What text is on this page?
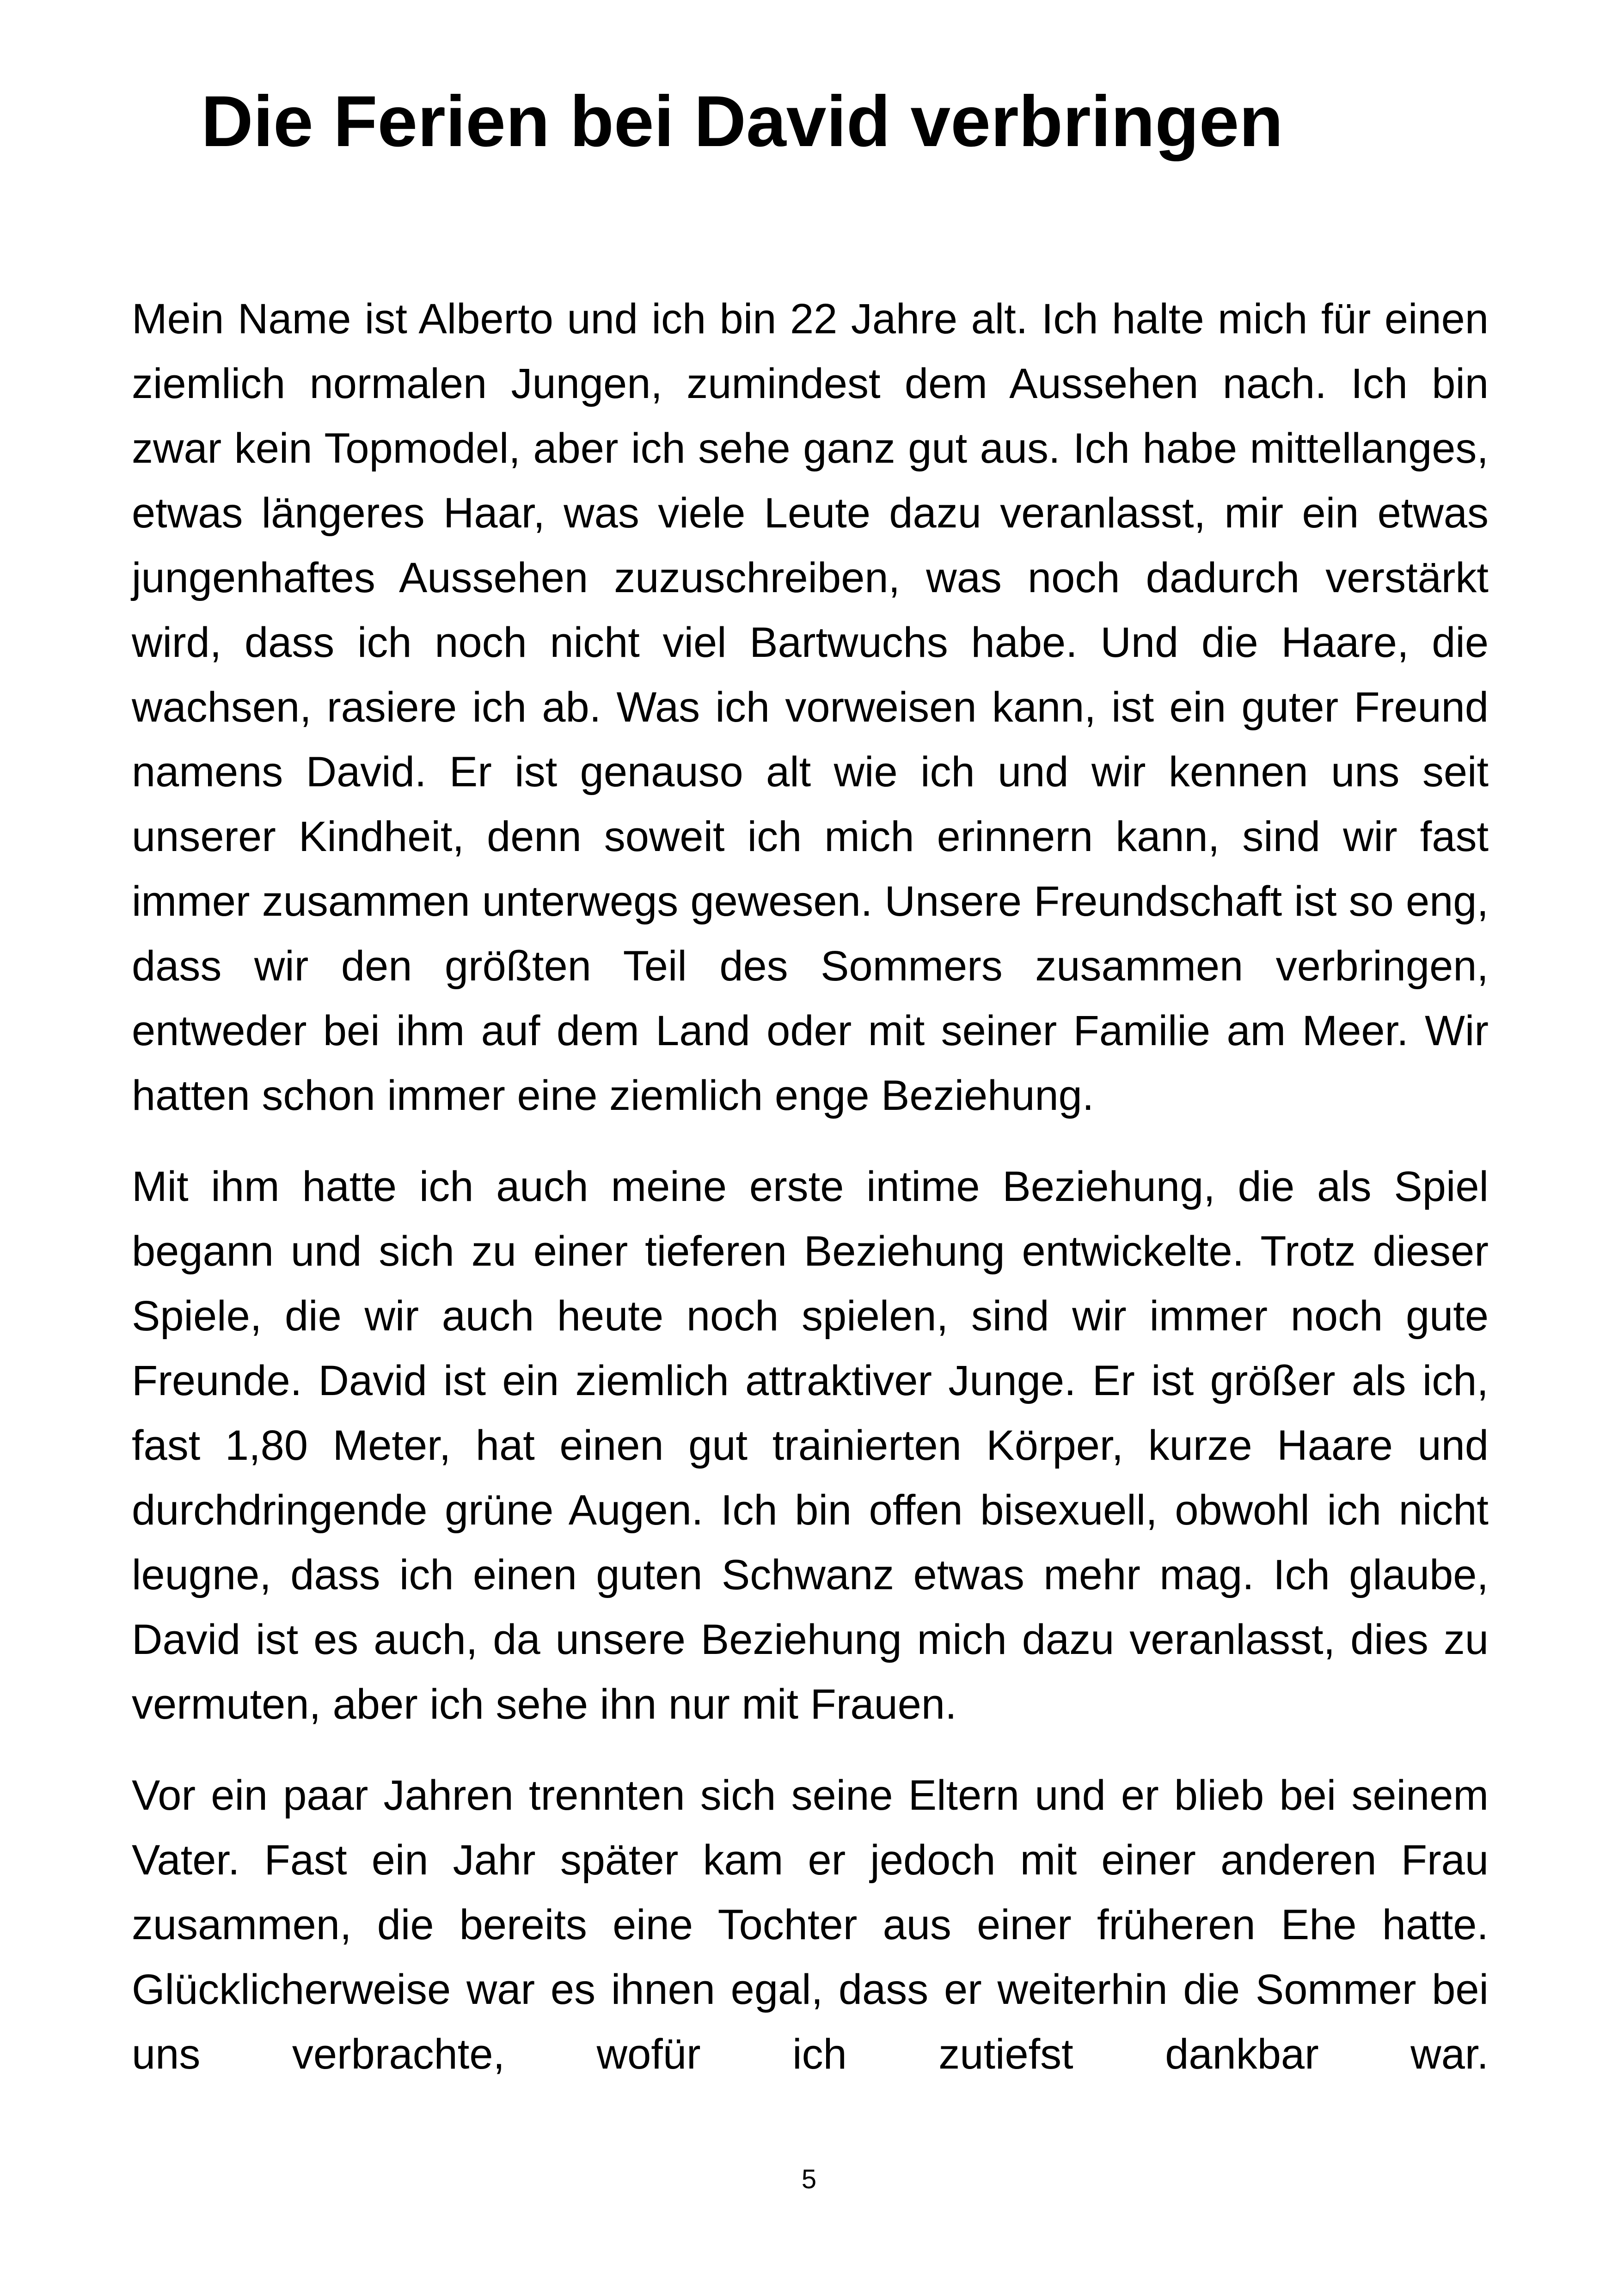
Die Ferien bei David verbringen

Mein Name ist Alberto und ich bin 22 Jahre alt. Ich halte mich für einen ziemlich normalen Jungen, zumindest dem Aussehen nach. Ich bin zwar kein Topmodel, aber ich sehe ganz gut aus. Ich habe mittellanges, etwas längeres Haar, was viele Leute dazu veranlasst, mir ein etwas jungenhaftes Aussehen zuzuschreiben, was noch dadurch verstärkt wird, dass ich noch nicht viel Bartwuchs habe. Und die Haare, die wachsen, rasiere ich ab. Was ich vorweisen kann, ist ein guter Freund namens David. Er ist genauso alt wie ich und wir kennen uns seit unserer Kindheit, denn soweit ich mich erinnern kann, sind wir fast immer zusammen unterwegs gewesen. Unsere Freundschaft ist so eng, dass wir den größten Teil des Sommers zusammen verbringen, entweder bei ihm auf dem Land oder mit seiner Familie am Meer. Wir hatten schon immer eine ziemlich enge Beziehung.

Mit ihm hatte ich auch meine erste intime Beziehung, die als Spiel begann und sich zu einer tieferen Beziehung entwickelte. Trotz dieser Spiele, die wir auch heute noch spielen, sind wir immer noch gute Freunde. David ist ein ziemlich attraktiver Junge. Er ist größer als ich, fast 1,80 Meter, hat einen gut trainierten Körper, kurze Haare und durchdringende grüne Augen. Ich bin offen bisexuell, obwohl ich nicht leugne, dass ich einen guten Schwanz etwas mehr mag. Ich glaube, David ist es auch, da unsere Beziehung mich dazu veranlasst, dies zu vermuten, aber ich sehe ihn nur mit Frauen.

Vor ein paar Jahren trennten sich seine Eltern und er blieb bei seinem Vater. Fast ein Jahr später kam er jedoch mit einer anderen Frau zusammen, die bereits eine Tochter aus einer früheren Ehe hatte. Glücklicherweise war es ihnen egal, dass er weiterhin die Sommer bei uns verbrachte, wofür ich zutiefst dankbar war.

5
